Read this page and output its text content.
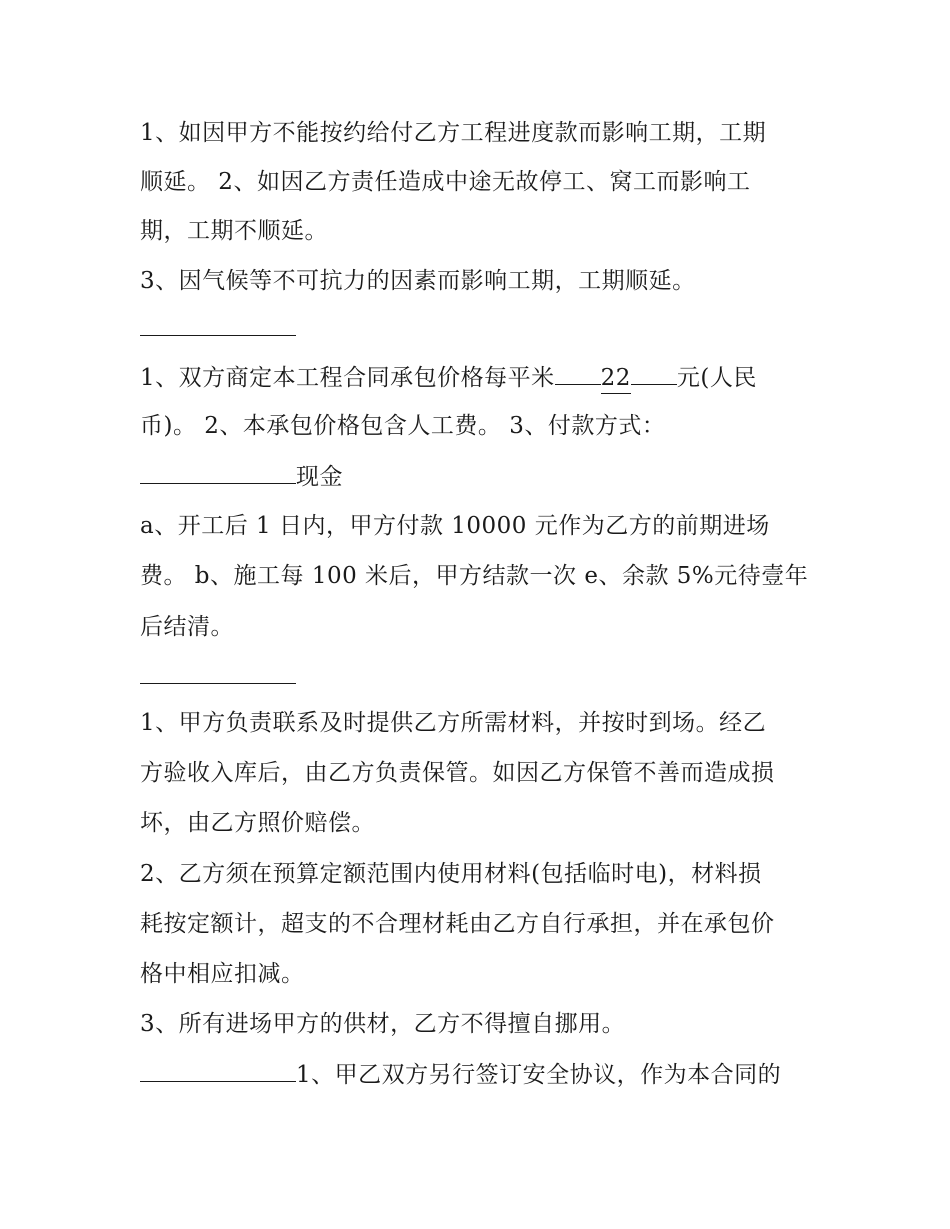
1、如因甲方不能按约给付乙方工程进度款而影响工期，工期
顺延。 2、如因乙方责任造成中途无故停工、窝工而影响工
期，工期不顺延。
3、因气候等不可抗力的因素而影响工期，工期顺延。
1、双方商定本工程合同承包价格每平米 22 元(人民
币)。 2、本承包价格包含人工费。 3、付款方式：
现金
a、开工后 1 日内，甲方付款 10000 元作为乙方的前期进场
费。 b、施工每 100 米后，甲方结款一次 e、余款 5%元待壹年
后结清。
1、甲方负责联系及时提供乙方所需材料，并按时到场。经乙
方验收入库后，由乙方负责保管。如因乙方保管不善而造成损
坏，由乙方照价赔偿。
2、乙方须在预算定额范围内使用材料(包括临时电)，材料损
耗按定额计，超支的不合理材耗由乙方自行承担，并在承包价
格中相应扣减。
3、所有进场甲方的供材，乙方不得擅自挪用。
1、甲乙双方另行签订安全协议，作为本合同的
